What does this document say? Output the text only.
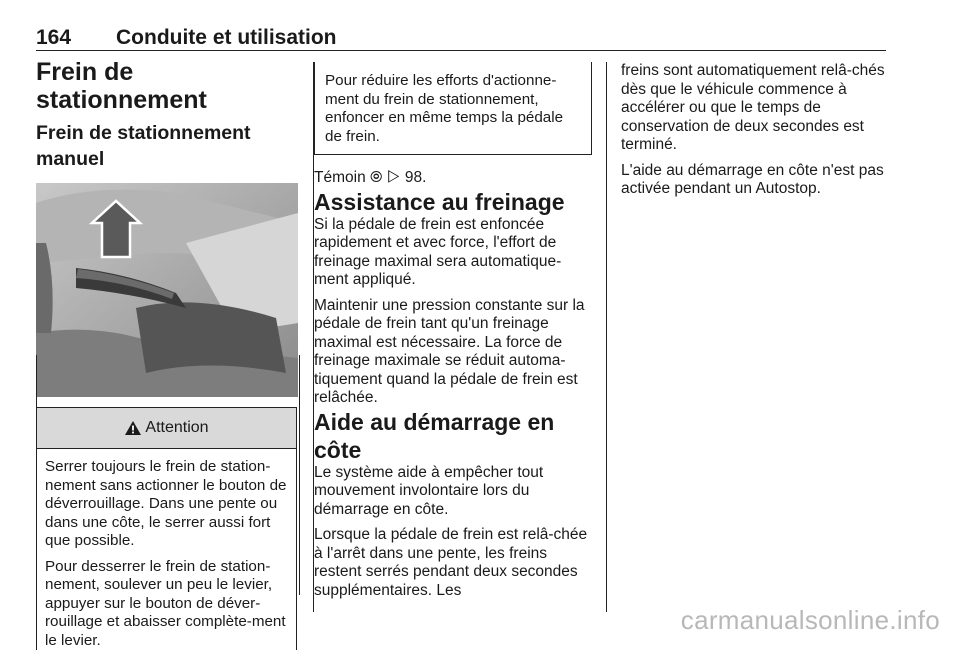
164 Conduite et utilisation
Frein de stationnement
Frein de stationnement manuel
Attention

Serrer toujours le frein de station-nement sans actionner le bouton de déverrouillage. Dans une pente ou dans une côte, le serrer aussi fort que possible.

Pour desserrer le frein de station-nement, soulever un peu le levier, appuyer sur le bouton de déver-rouillage et abaisser complète-ment le levier.

Pour réduire les efforts d'actionne-ment du frein de stationnement, enfoncer en même temps la pédale de frein.

Témoin ⦾ ▷ 98.

Assistance au freinage

Si la pédale de frein est enfoncée rapidement et avec force, l'effort de freinage maximal sera automatique-ment appliqué.

Maintenir une pression constante sur la pédale de frein tant qu'un freinage maximal est nécessaire. La force de freinage maximale se réduit automa-tiquement quand la pédale de frein est relâchée.

Aide au démarrage en côte

Le système aide à empêcher tout mouvement involontaire lors du démarrage en côte.

Lorsque la pédale de frein est relâ-chée à l'arrêt dans une pente, les freins restent serrés pendant deux secondes supplémentaires. Les

freins sont automatiquement relâ-chés dès que le véhicule commence à accélérer ou que le temps de conservation de deux secondes est terminé.

L'aide au démarrage en côte n'est pas activée pendant un Autostop.

carmanualsonline.info
